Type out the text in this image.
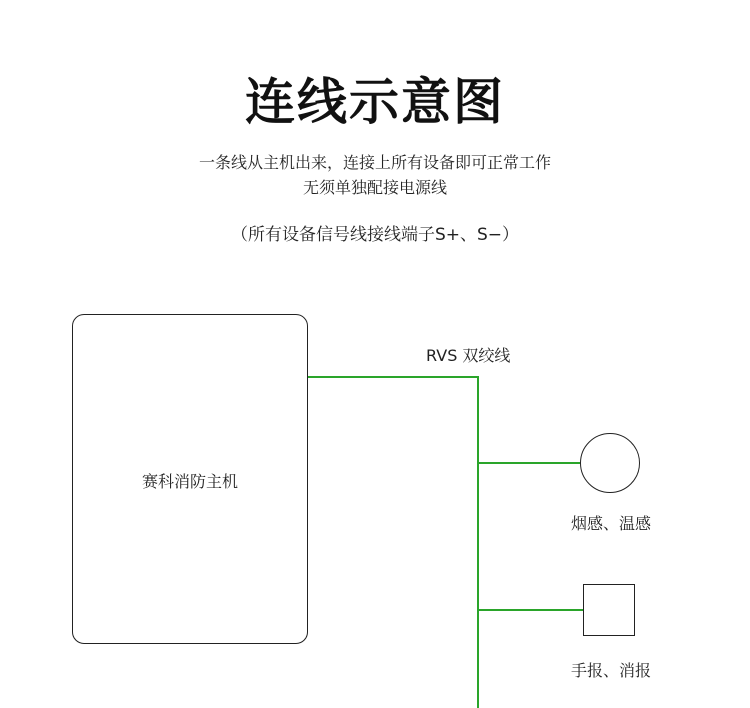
连线示意图
一条线从主机出来，连接上所有设备即可正常工作
无须单独配接电源线
（所有设备信号线接线端子S+、S−）
赛科消防主机
RVS 双绞线
烟感、温感
手报、消报
